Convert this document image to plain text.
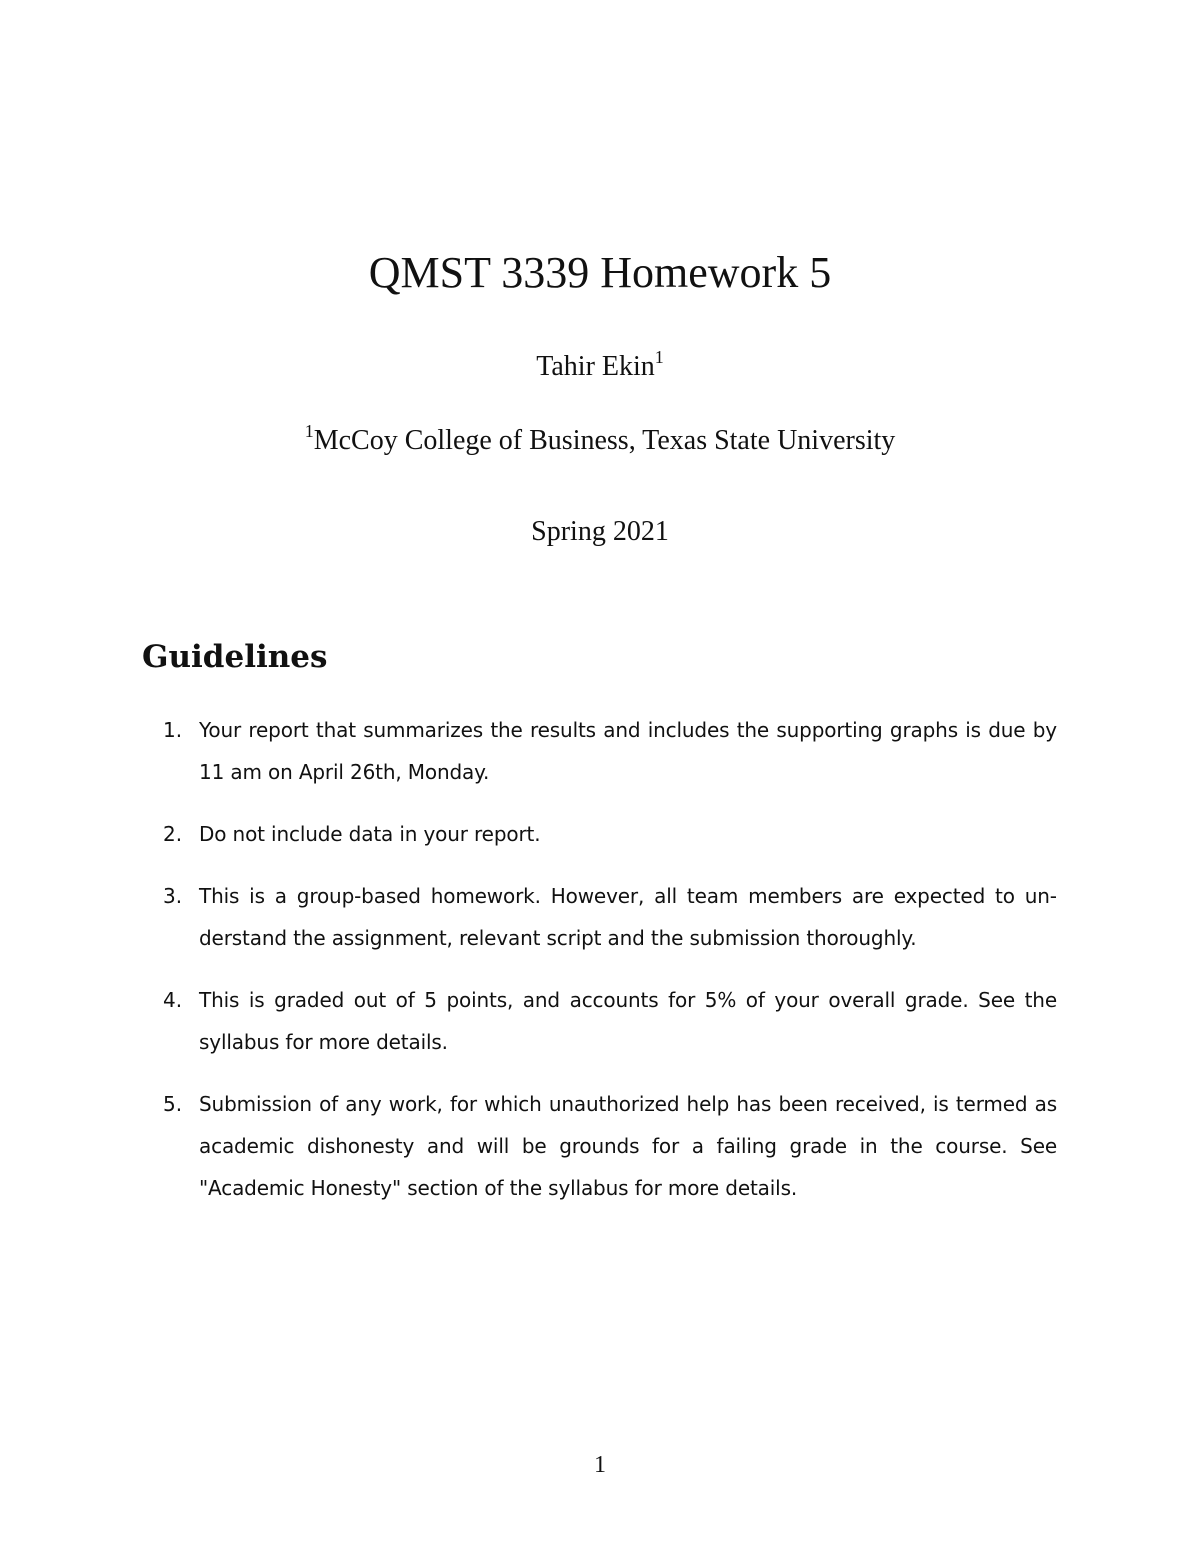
QMST 3339 Homework 5
Tahir Ekin$^1$
$^1$McCoy College of Business, Texas State University
Spring 2021
Guidelines
1. Your report that summarizes the results and includes the supporting graphs is due by 11 am on April 26th, Monday.
2. Do not include data in your report.
3. This is a group-based homework. However, all team members are expected to understand the assignment, relevant script and the submission thoroughly.
4. This is graded out of 5 points, and accounts for 5% of your overall grade. See the syllabus for more details.
5. Submission of any work, for which unauthorized help has been received, is termed as academic dishonesty and will be grounds for a failing grade in the course. See "Academic Honesty" section of the syllabus for more details.
1
